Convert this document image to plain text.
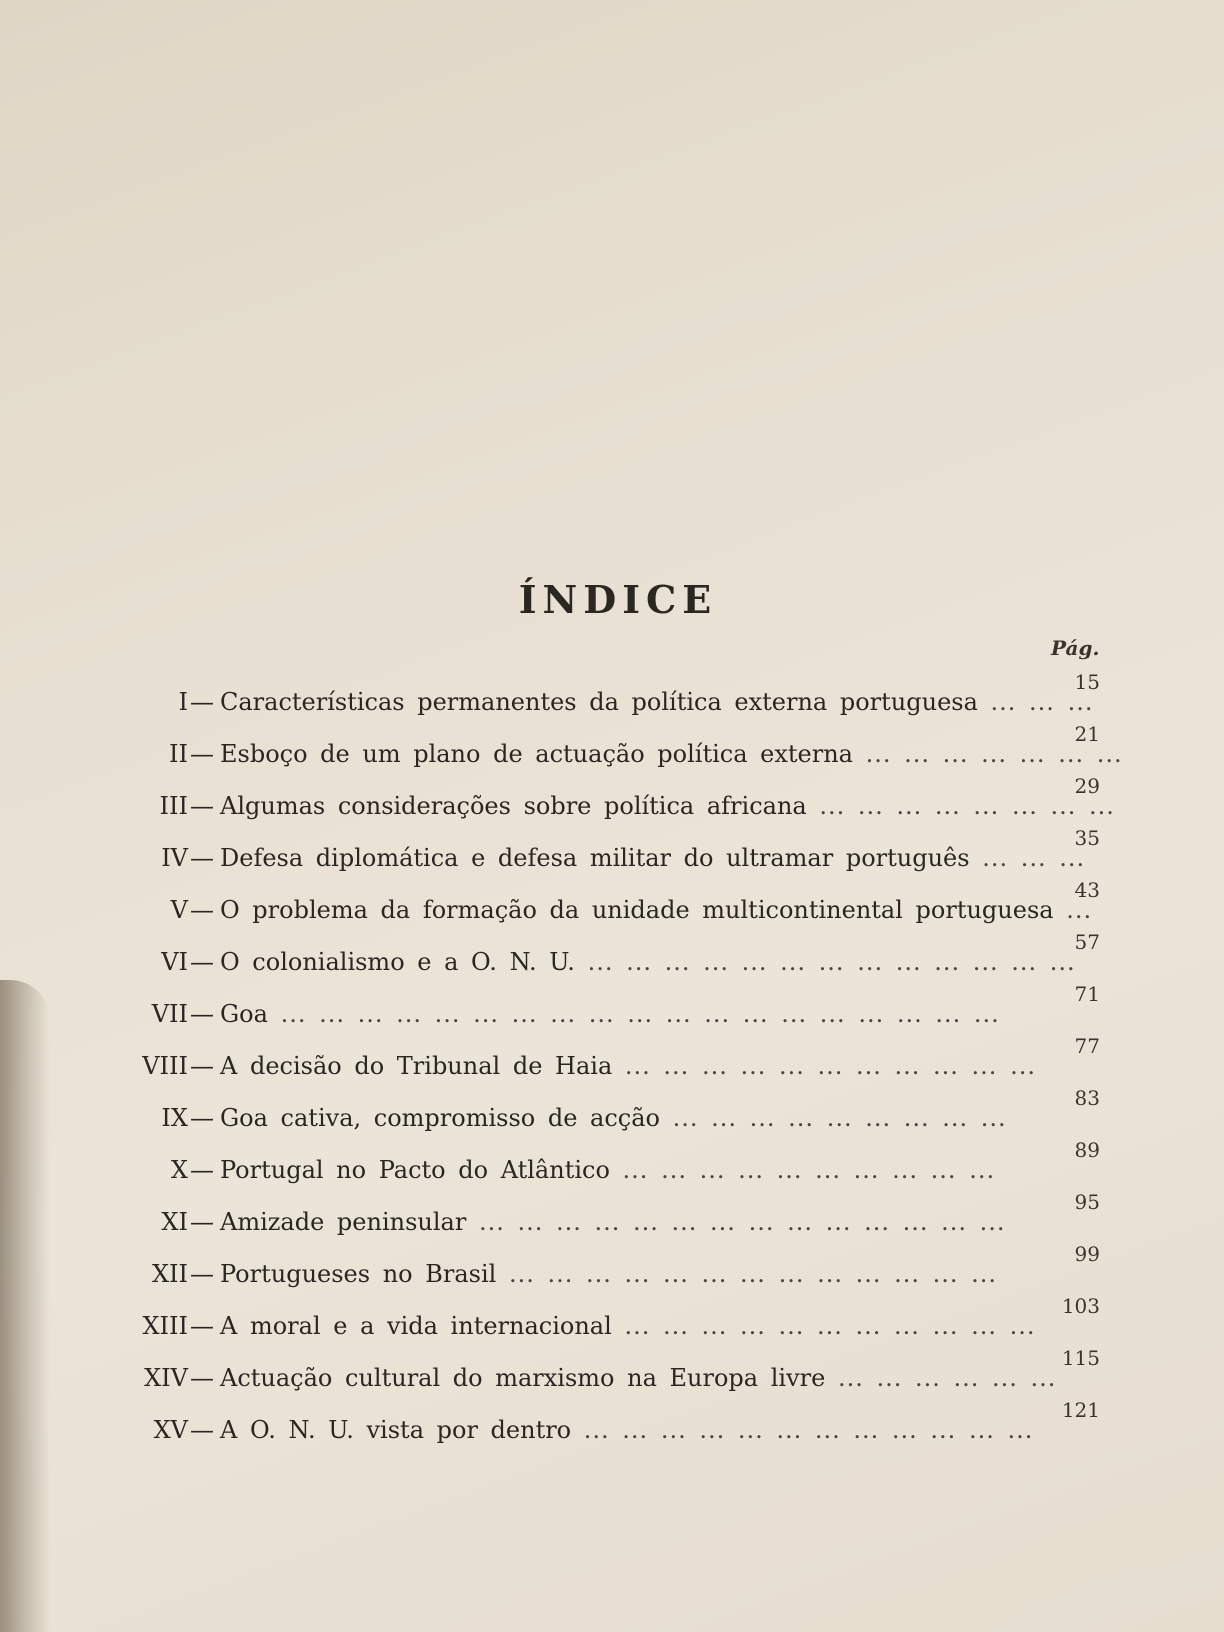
ÍNDICE
Pág.
I — Características permanentes da política externa portuguesa ... ... ...
15
II — Esboço de um plano de actuação política externa ... ... ... ... ... ... ...
21
III — Algumas considerações sobre política africana ... ... ... ... ... ... ... ...
29
IV — Defesa diplomática e defesa militar do ultramar português ... ... ...
35
V — O problema da formação da unidade multicontinental portuguesa ...
43
VI — O colonialismo e a O. N. U. ... ... ... ... ... ... ... ... ... ... ... ... ...
57
VII — Goa ... ... ... ... ... ... ... ... ... ... ... ... ... ... ... ... ... ... ...
71
VIII — A decisão do Tribunal de Haia ... ... ... ... ... ... ... ... ... ... ...
77
IX — Goa cativa, compromisso de acção ... ... ... ... ... ... ... ... ...
83
X — Portugal no Pacto do Atlântico ... ... ... ... ... ... ... ... ... ...
89
XI — Amizade peninsular ... ... ... ... ... ... ... ... ... ... ... ... ... ...
95
XII — Portugueses no Brasil ... ... ... ... ... ... ... ... ... ... ... ... ...
99
XIII — A moral e a vida internacional ... ... ... ... ... ... ... ... ... ... ...
103
XIV — Actuação cultural do marxismo na Europa livre ... ... ... ... ... ...
115
XV — A O. N. U. vista por dentro ... ... ... ... ... ... ... ... ... ... ... ...
121
